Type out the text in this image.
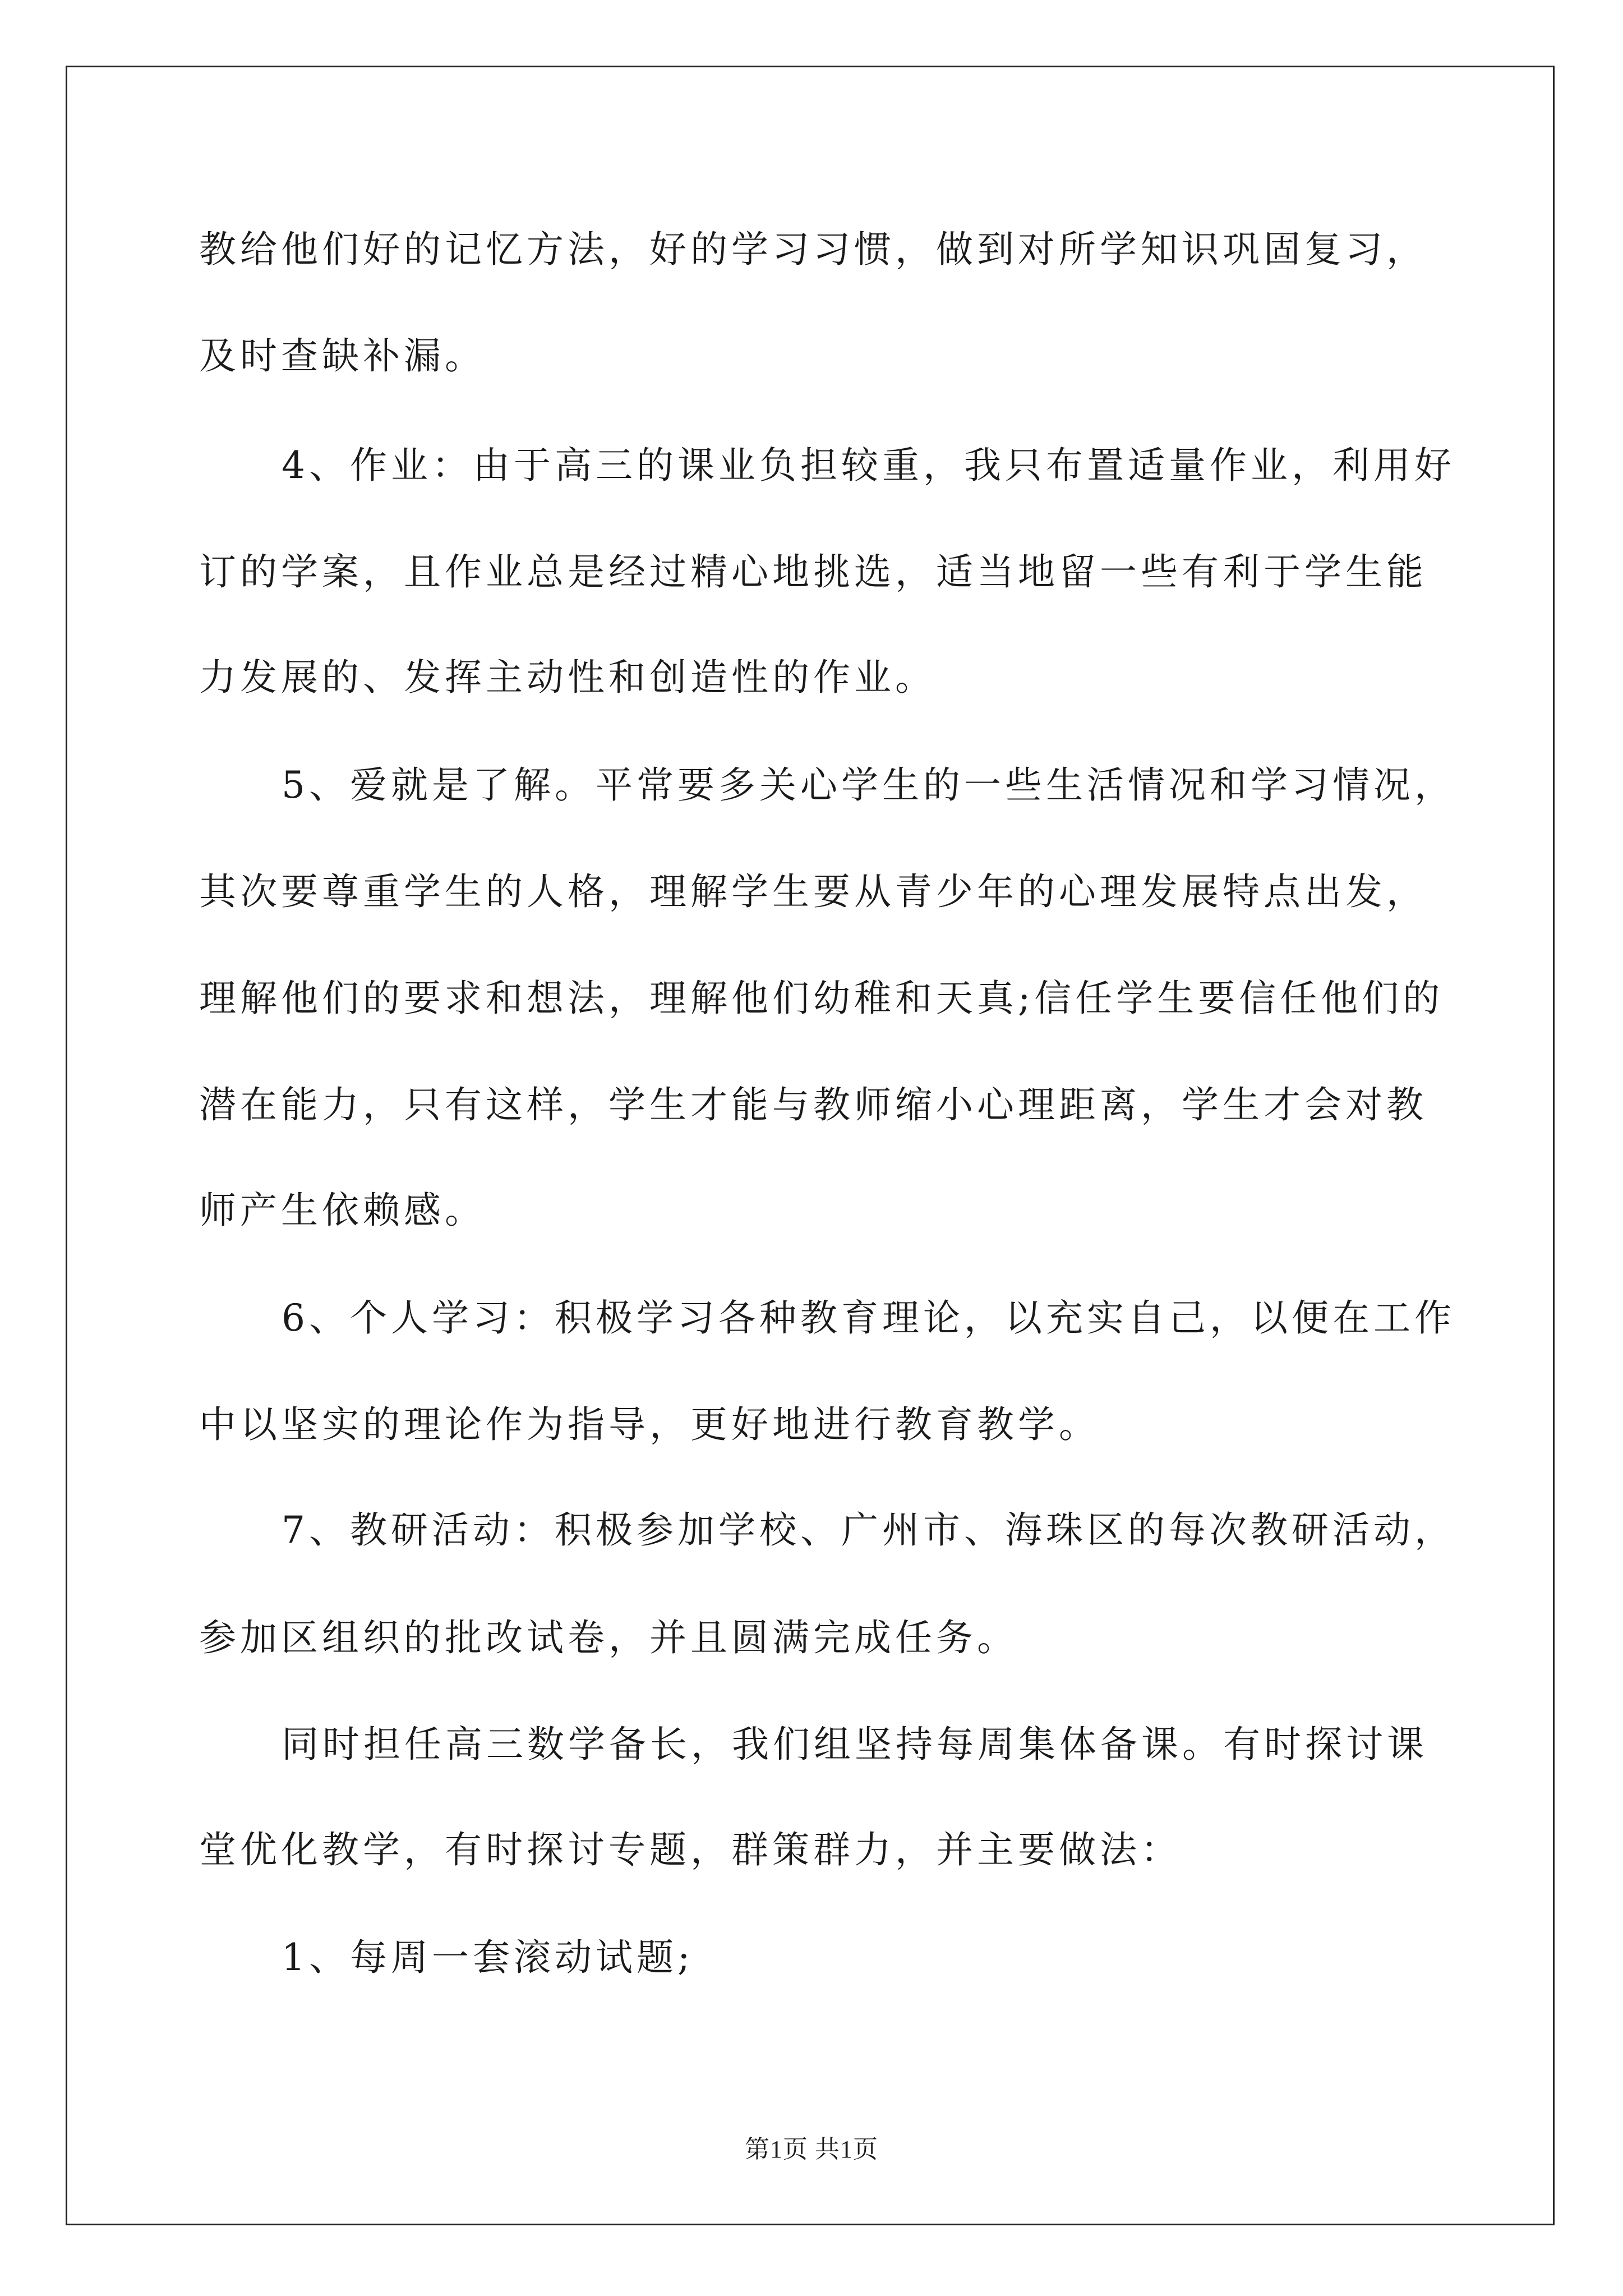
教给他们好的记忆方法，好的学习习惯，做到对所学知识巩固复习，
及时查缺补漏。
4、作业：由于高三的课业负担较重，我只布置适量作业，利用好
订的学案，且作业总是经过精心地挑选，适当地留一些有利于学生能
力发展的、发挥主动性和创造性的作业。
5、爱就是了解。平常要多关心学生的一些生活情况和学习情况，
其次要尊重学生的人格，理解学生要从青少年的心理发展特点出发，
理解他们的要求和想法，理解他们幼稚和天真;信任学生要信任他们的
潜在能力，只有这样，学生才能与教师缩小心理距离，学生才会对教
师产生依赖感。
6、个人学习：积极学习各种教育理论，以充实自己，以便在工作
中以坚实的理论作为指导，更好地进行教育教学。
7、教研活动：积极参加学校、广州市、海珠区的每次教研活动，
参加区组织的批改试卷，并且圆满完成任务。
同时担任高三数学备长，我们组坚持每周集体备课。有时探讨课
堂优化教学，有时探讨专题，群策群力，并主要做法：
1、每周一套滚动试题;
第1页 共1页
